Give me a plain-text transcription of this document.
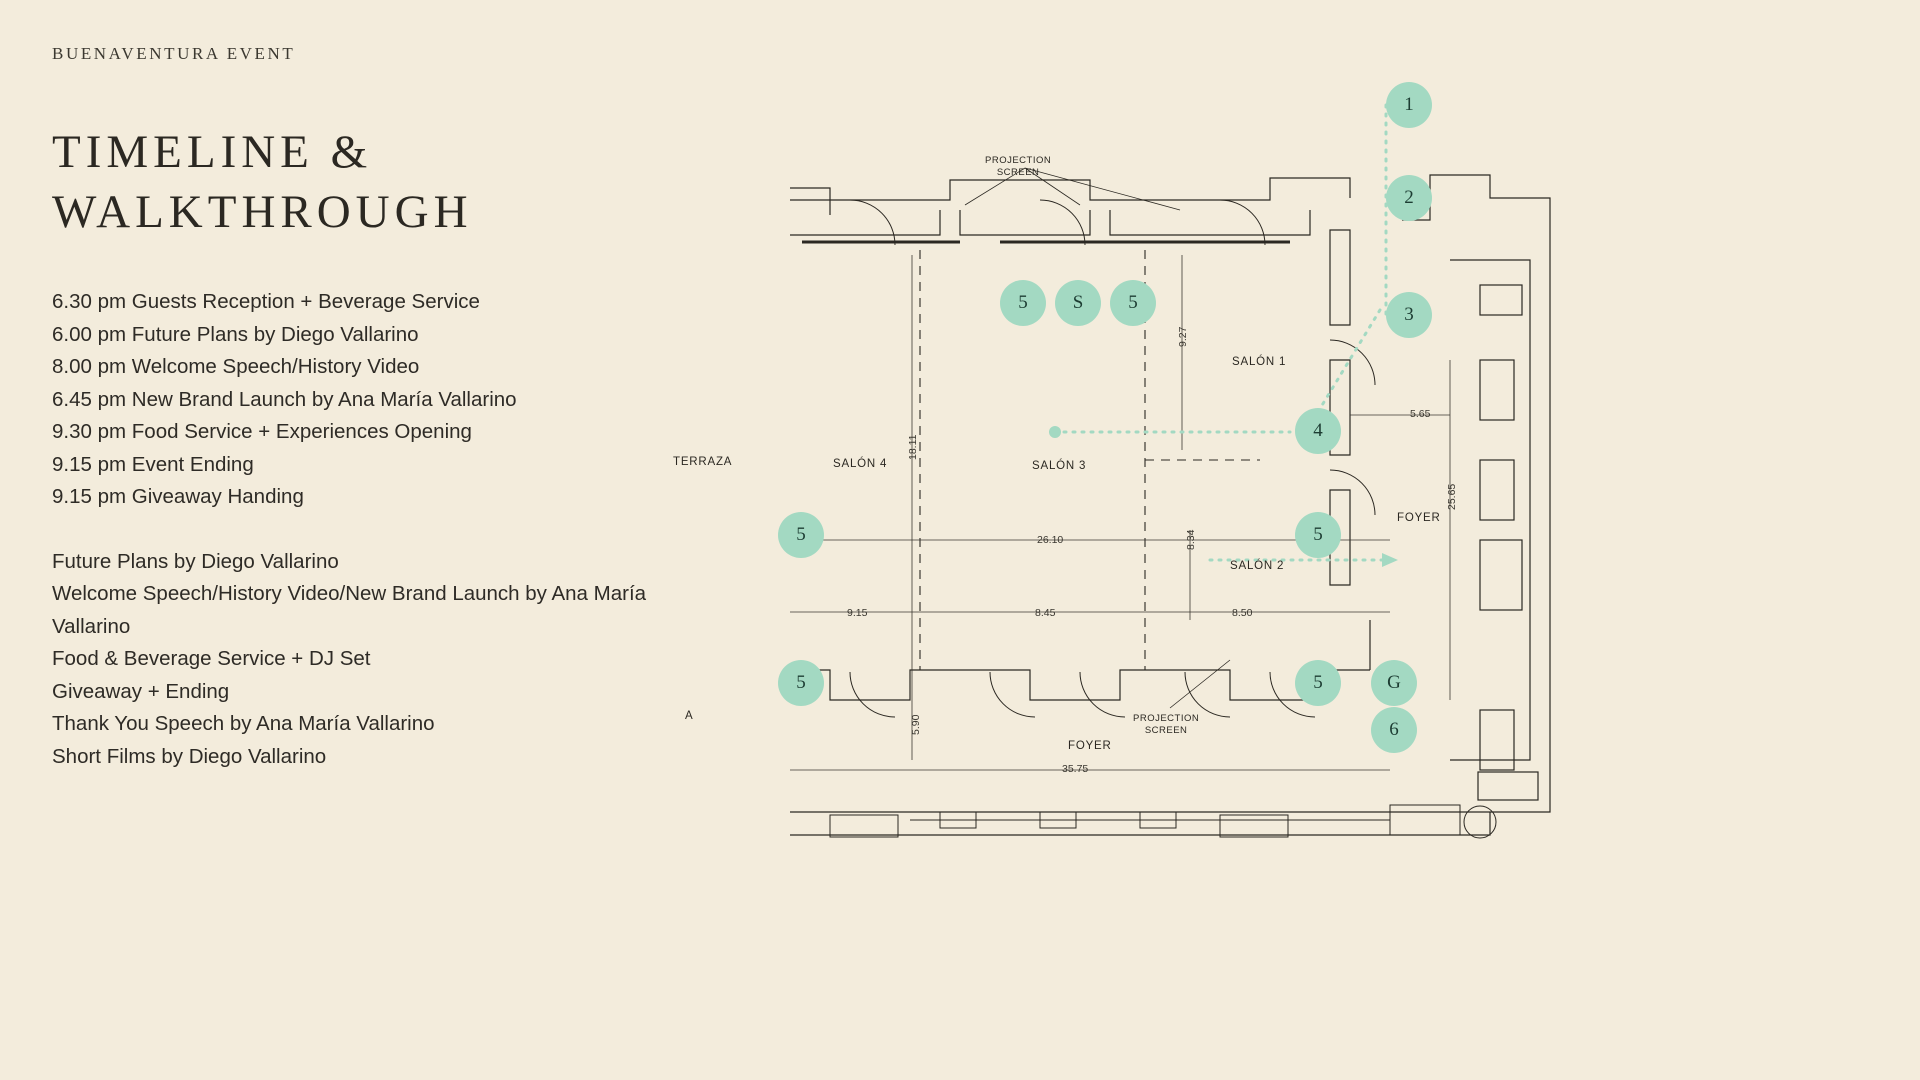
BUENAVENTURA EVENT
TIMELINE &
WALKTHROUGH
6.30 pm Guests Reception + Beverage Service
6.00 pm Future Plans by Diego Vallarino
8.00 pm Welcome Speech/History Video
6.45 pm New Brand Launch by Ana María Vallarino
9.30 pm Food Service + Experiences Opening
9.15 pm Event Ending
9.15 pm Giveaway Handing
Future Plans by Diego Vallarino
Welcome Speech/History Video/New Brand Launch by Ana María Vallarino
Food & Beverage Service + DJ Set
Giveaway + Ending
Thank You Speech by Ana María Vallarino
Short Films by Diego Vallarino
1
2
3
4
5
5	G
6
5	S	5
5
5
SALÓN 1
SALÓN 3
SALÓN 4
SALÓN 2
TERRAZA
FOYER
FOYER
A
9.27
18.11
8.34
25.65
5.90
5.65
26.10
9.15	8.45	8.50
35.75
PROJECTION
SCREEN
PROJECTION
SCREEN
